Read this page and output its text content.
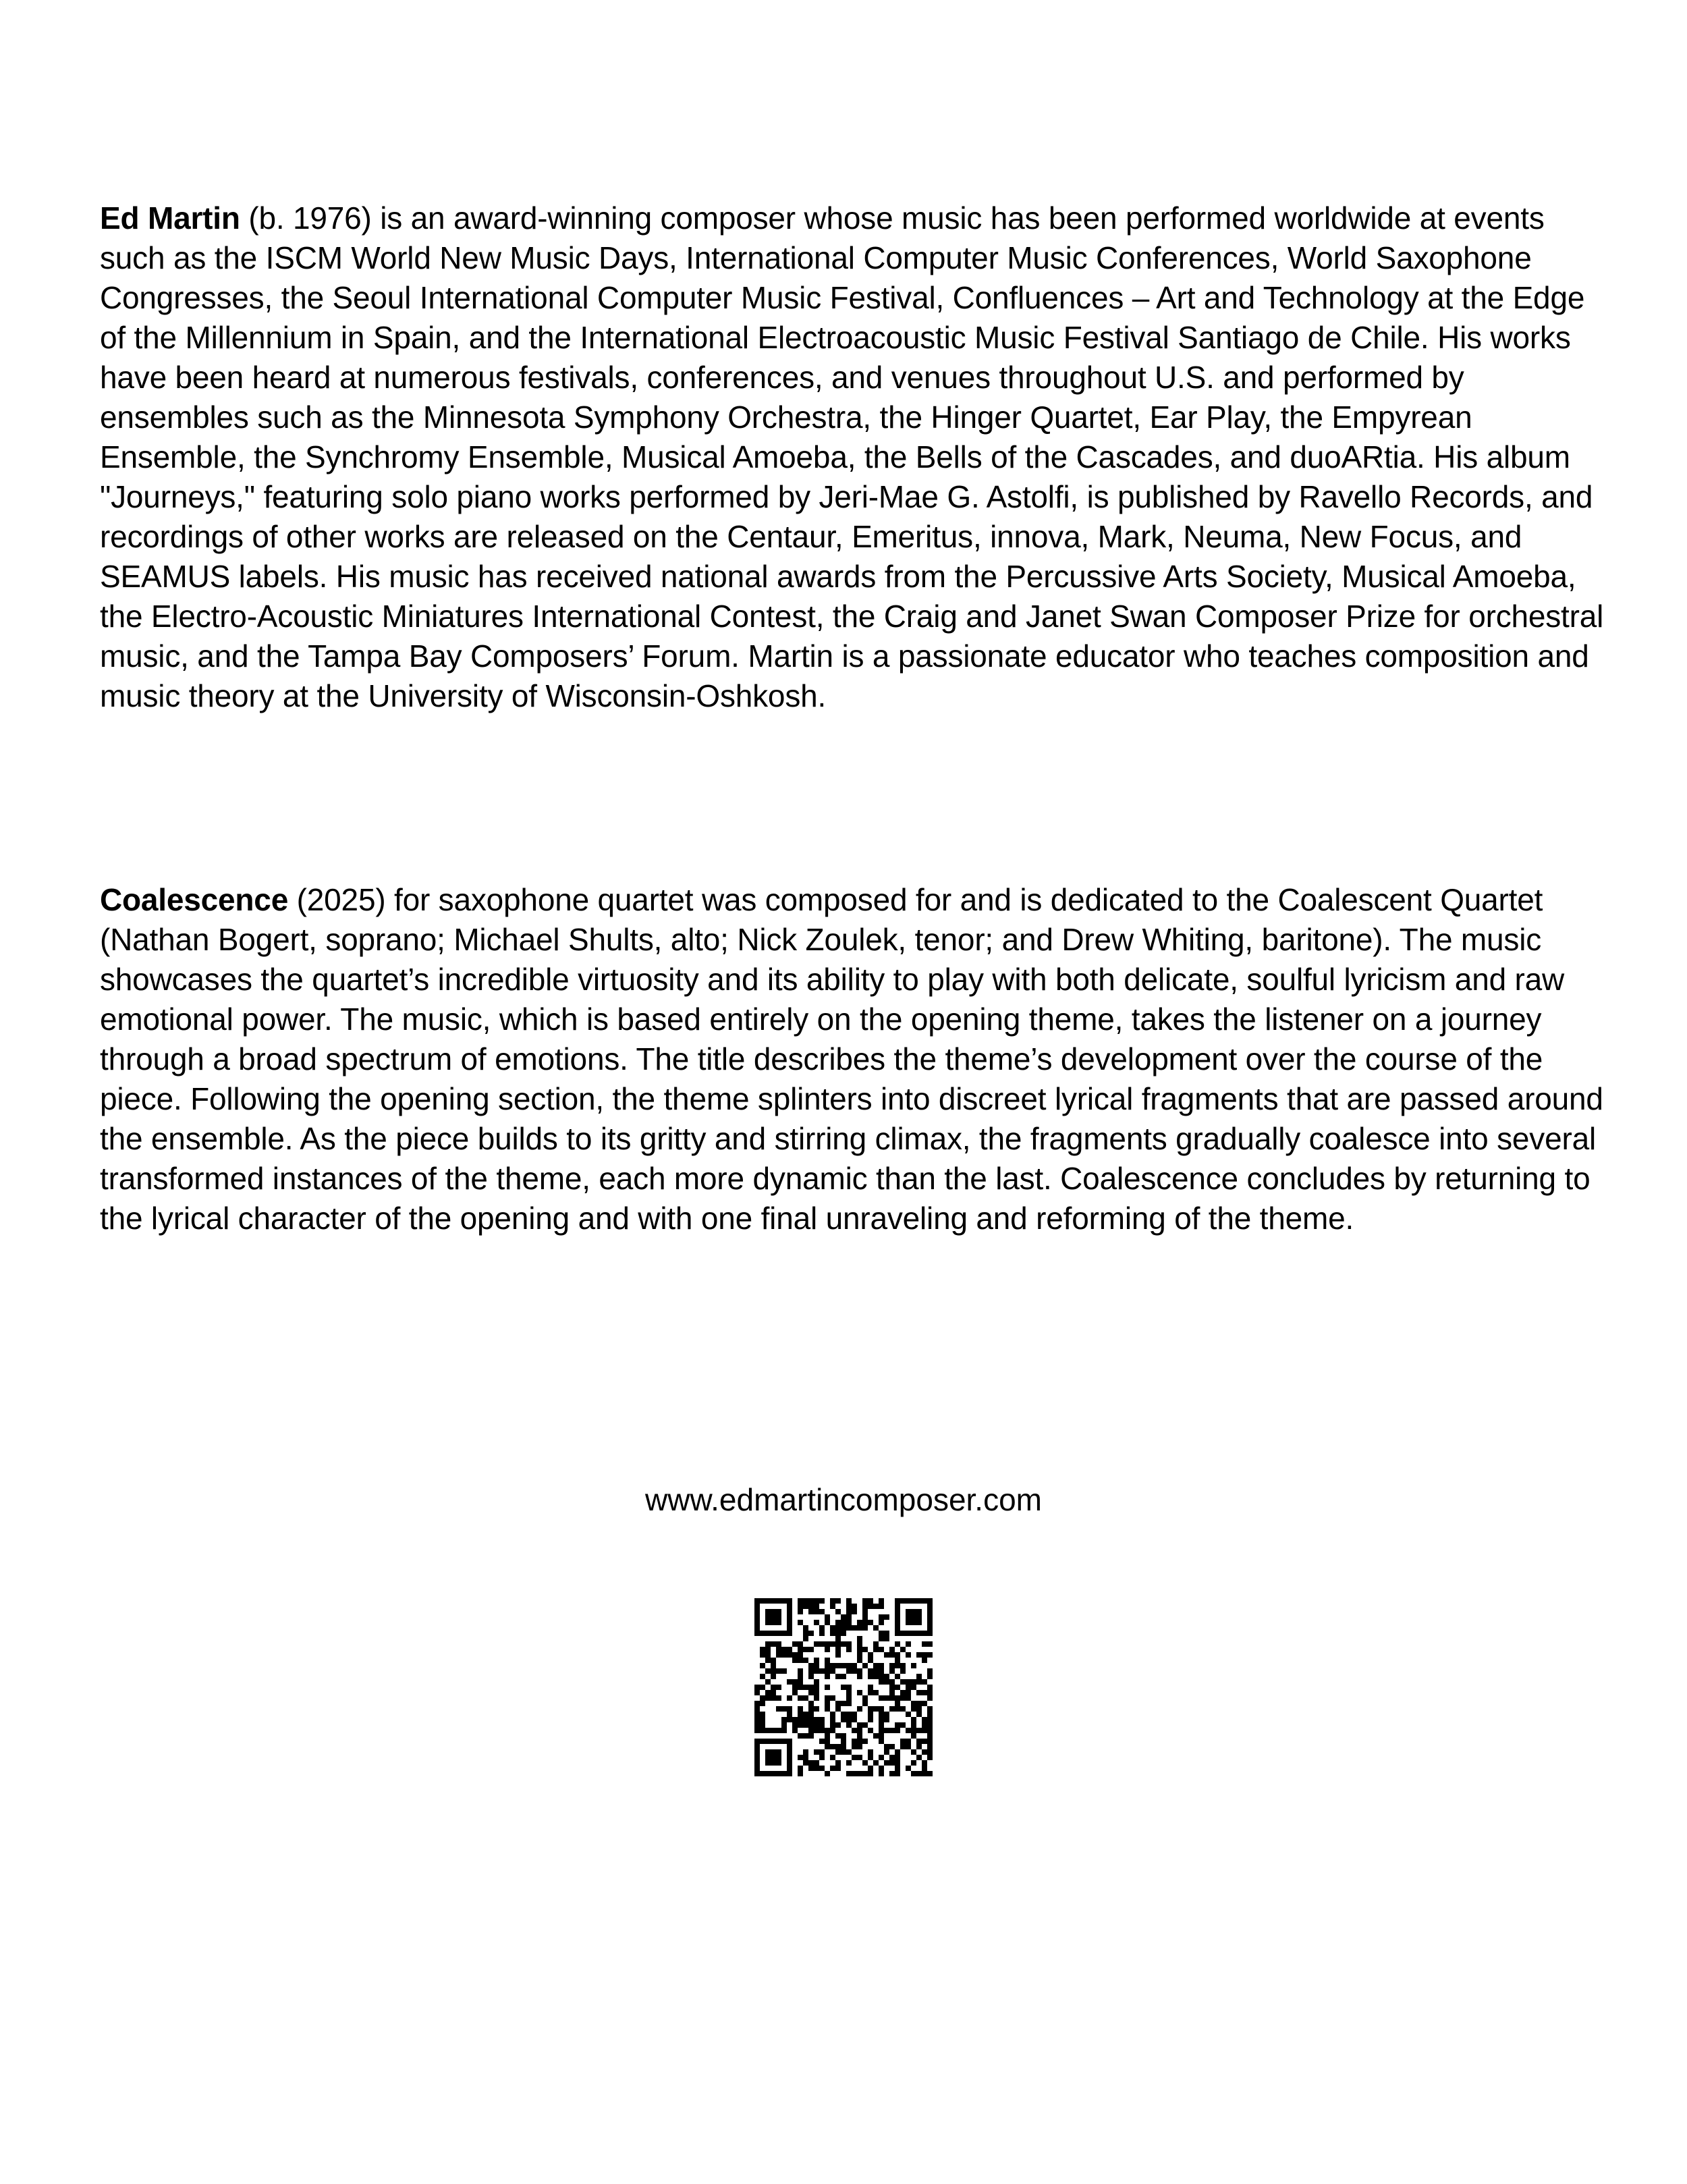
Ed Martin (b. 1976) is an award-winning composer whose music has been performed worldwide at events such as the ISCM World New Music Days, International Computer Music Conferences, World Saxophone Congresses, the Seoul International Computer Music Festival, Confluences – Art and Technology at the Edge of the Millennium in Spain, and the International Electroacoustic Music Festival Santiago de Chile. His works have been heard at numerous festivals, conferences, and venues throughout U.S. and performed by ensembles such as the Minnesota Symphony Orchestra, the Hinger Quartet, Ear Play, the Empyrean Ensemble, the Synchromy Ensemble, Musical Amoeba, the Bells of the Cascades, and duoARtia. His album "Journeys," featuring solo piano works performed by Jeri-Mae G. Astolfi, is published by Ravello Records, and recordings of other works are released on the Centaur, Emeritus, innova, Mark, Neuma, New Focus, and SEAMUS labels. His music has received national awards from the Percussive Arts Society, Musical Amoeba, the Electro-Acoustic Miniatures International Contest, the Craig and Janet Swan Composer Prize for orchestral music, and the Tampa Bay Composers’ Forum. Martin is a passionate educator who teaches composition and music theory at the University of Wisconsin-Oshkosh.

Coalescence (2025) for saxophone quartet was composed for and is dedicated to the Coalescent Quartet (Nathan Bogert, soprano; Michael Shults, alto; Nick Zoulek, tenor; and Drew Whiting, baritone). The music showcases the quartet’s incredible virtuosity and its ability to play with both delicate, soulful lyricism and raw emotional power. The music, which is based entirely on the opening theme, takes the listener on a journey through a broad spectrum of emotions. The title describes the theme’s development over the course of the piece. Following the opening section, the theme splinters into discreet lyrical fragments that are passed around the ensemble. As the piece builds to its gritty and stirring climax, the fragments gradually coalesce into several transformed instances of the theme, each more dynamic than the last. Coalescence concludes by returning to the lyrical character of the opening and with one final unraveling and reforming of the theme.

www.edmartincomposer.com
